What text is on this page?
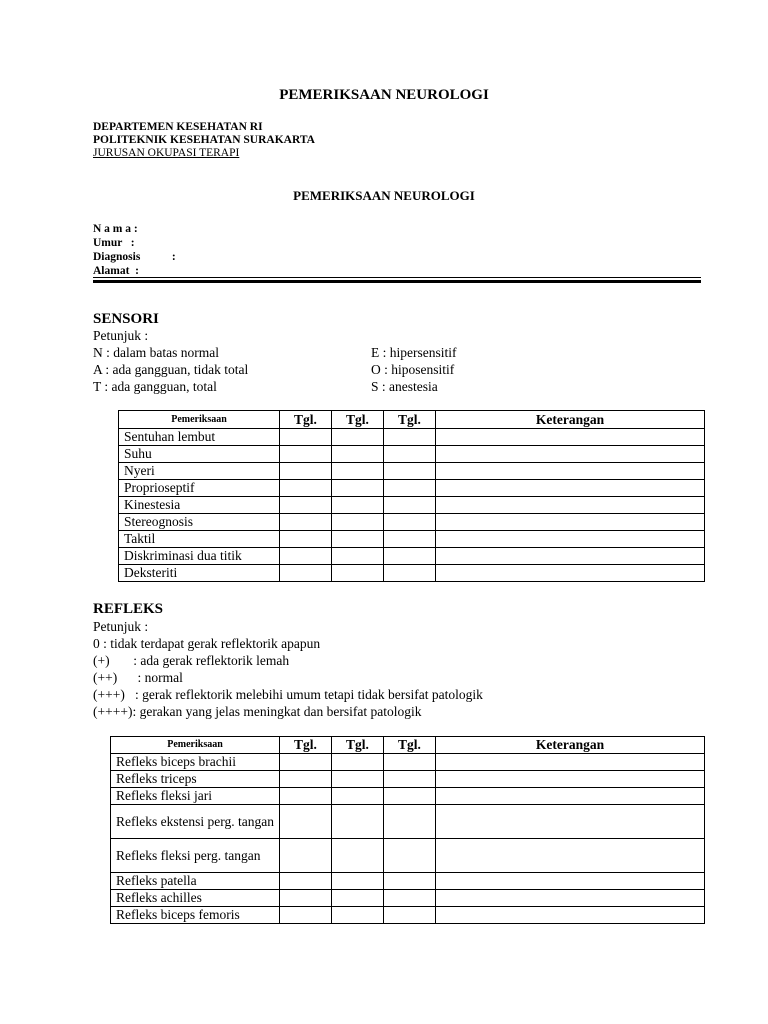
PEMERIKSAAN NEUROLOGI
DEPARTEMEN KESEHATAN RI
POLITEKNIK KESEHATAN SURAKARTA
JURUSAN OKUPASI TERAPI
PEMERIKSAAN NEUROLOGI
N a m a :
Umur   :
Diagnosis           :
Alamat  :
SENSORI
Petunjuk :
N : dalam batas normal
A : ada gangguan, tidak total
T : ada gangguan, total
E : hipersensitif
O : hiposensitif
S : anestesia
Pemeriksaan	Tgl.	Tgl.	Tgl.	Keterangan
Sentuhan lembut				
Suhu				
Nyeri				
Proprioseptif				
Kinestesia				
Stereognosis				
Taktil				
Diskriminasi dua titik				
Deksteriti				
REFLEKS
Petunjuk :
0 : tidak terdapat gerak reflektorik apapun
(+)       : ada gerak reflektorik lemah
(++)      : normal
(+++)   : gerak reflektorik melebihi umum tetapi tidak bersifat patologik
(++++): gerakan yang jelas meningkat dan bersifat patologik
Pemeriksaan	Tgl.	Tgl.	Tgl.	Keterangan
Refleks biceps brachii				
Refleks triceps				
Refleks fleksi jari				
Refleks ekstensi perg. tangan				
Refleks fleksi perg. tangan				
Refleks patella				
Refleks achilles				
Refleks biceps femoris				
